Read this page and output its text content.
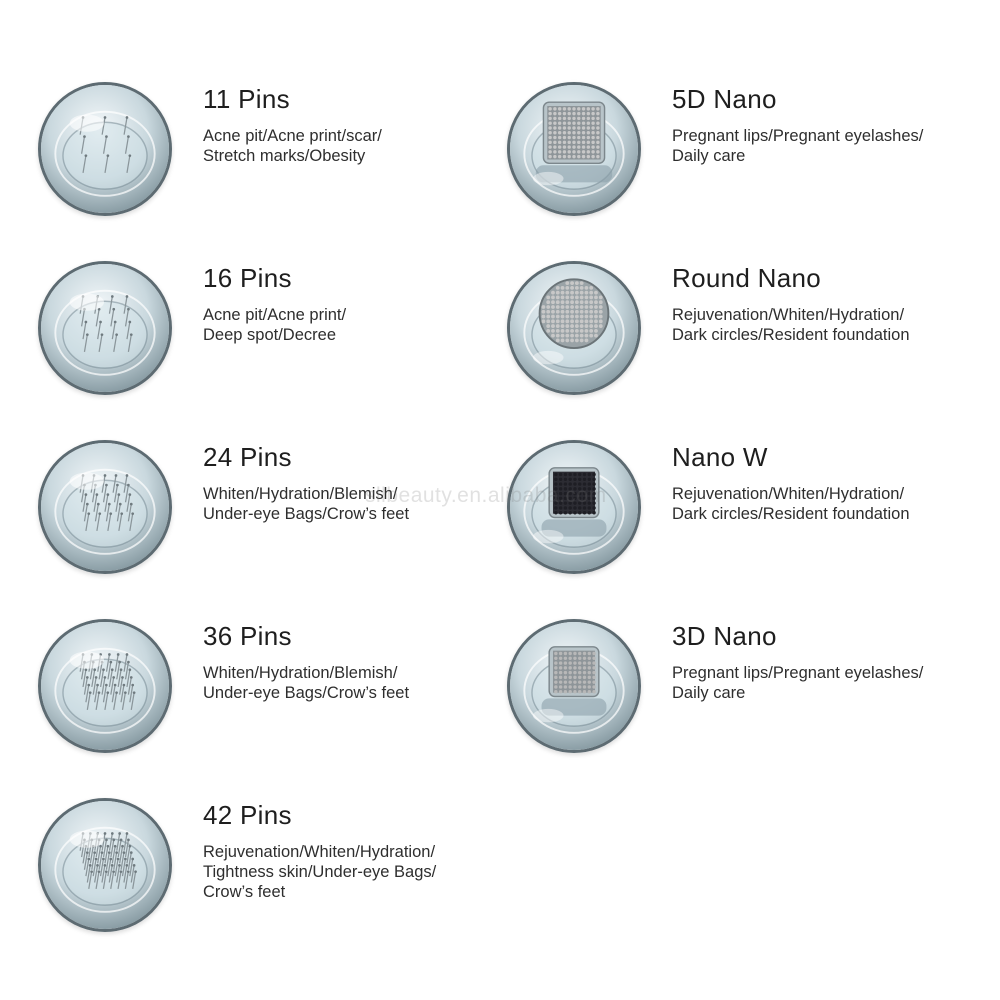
11 Pins
Acne pit/Acne print/scar/
Stretch marks/Obesity
16 Pins
Acne pit/Acne print/
Deep spot/Decree
24 Pins
Whiten/Hydration/Blemish/
Under-eye Bags/Crow’s feet
36 Pins
Whiten/Hydration/Blemish/
Under-eye Bags/Crow’s feet
42 Pins
Rejuvenation/Whiten/Hydration/
Tightness skin/Under-eye Bags/
Crow’s feet
5D Nano
Pregnant lips/Pregnant eyelashes/
Daily care
Round Nano
Rejuvenation/Whiten/Hydration/
Dark circles/Resident foundation
Nano W
Rejuvenation/Whiten/Hydration/
Dark circles/Resident foundation
3D Nano
Pregnant lips/Pregnant eyelashes/
Daily care
sllbeauty.en.alibaba.com
